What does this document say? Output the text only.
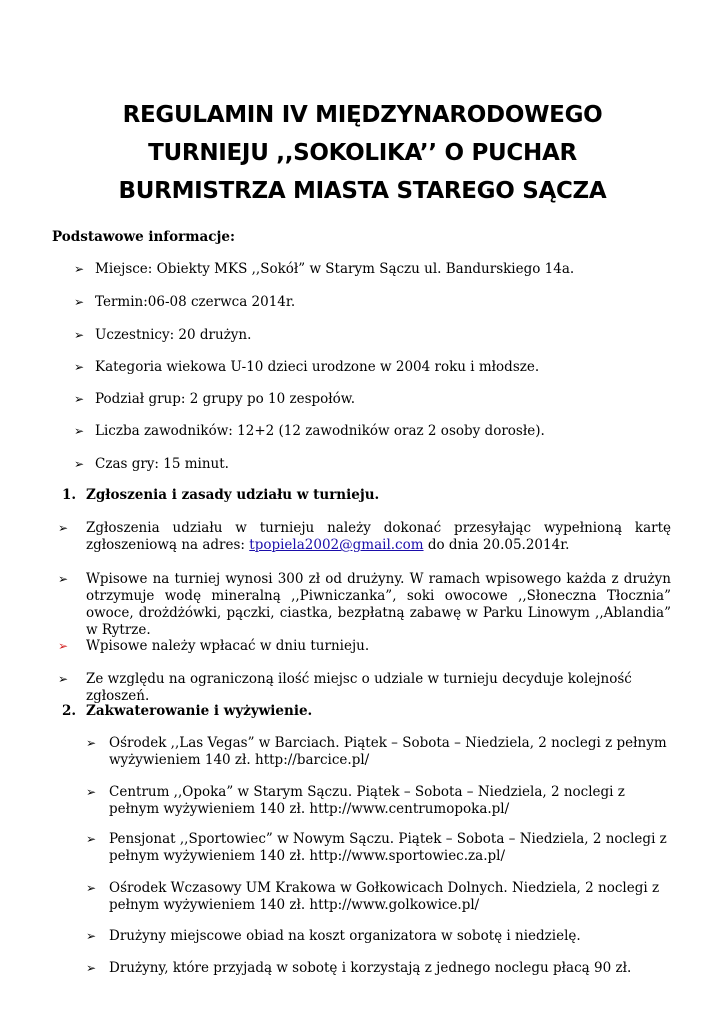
REGULAMIN IV MIĘDZYNARODOWEGO
TURNIEJU ,,SOKOLIKA’’ O PUCHAR
BURMISTRZA MIASTA STAREGO SĄCZA
Podstawowe informacje:
➢ Miejsce: Obiekty MKS ,,Sokół” w Starym Sączu ul. Bandurskiego 14a.
➢ Termin:06-08 czerwca 2014r.
➢ Uczestnicy: 20 drużyn.
➢ Kategoria wiekowa U-10 dzieci urodzone w 2004 roku i młodsze.
➢ Podział grup: 2 grupy po 10 zespołów.
➢ Liczba zawodników: 12+2 (12 zawodników oraz 2 osoby dorosłe).
➢ Czas gry: 15 minut.
1. Zgłoszenia i zasady udziału w turnieju.
➢ Zgłoszenia udziału w turnieju należy dokonać przesyłając wypełnioną kartę zgłoszeniową na adres: tpopiela2002@gmail.com do dnia 20.05.2014r.
➢ Wpisowe na turniej wynosi 300 zł od drużyny. W ramach wpisowego każda z drużyn otrzymuje wodę mineralną ,,Piwniczanka”, soki owocowe ,,Słoneczna Tłocznia” owoce, drożdżówki, pączki, ciastka, bezpłatną zabawę w Parku Linowym ,,Ablandia” w Rytrze.
➢ Wpisowe należy wpłacać w dniu turnieju.
➢ Ze względu na ograniczoną ilość miejsc o udziale w turnieju decyduje kolejność zgłoszeń.
2. Zakwaterowanie i wyżywienie.
➢ Ośrodek ,,Las Vegas” w Barciach. Piątek – Sobota – Niedziela, 2 noclegi z pełnym wyżywieniem 140 zł. http://barcice.pl/
➢ Centrum ,,Opoka” w Starym Sączu. Piątek – Sobota – Niedziela, 2 noclegi z pełnym wyżywieniem 140 zł. http://www.centrumopoka.pl/
➢ Pensjonat ,,Sportowiec” w Nowym Sączu. Piątek – Sobota – Niedziela, 2 noclegi z pełnym wyżywieniem 140 zł. http://www.sportowiec.za.pl/
➢ Ośrodek Wczasowy UM Krakowa w Gołkowicach Dolnych. Niedziela, 2 noclegi z pełnym wyżywieniem 140 zł. http://www.golkowice.pl/
➢ Drużyny miejscowe obiad na koszt organizatora w sobotę i niedzielę.
➢ Drużyny, które przyjadą w sobotę i korzystają z jednego noclegu płacą 90 zł.
